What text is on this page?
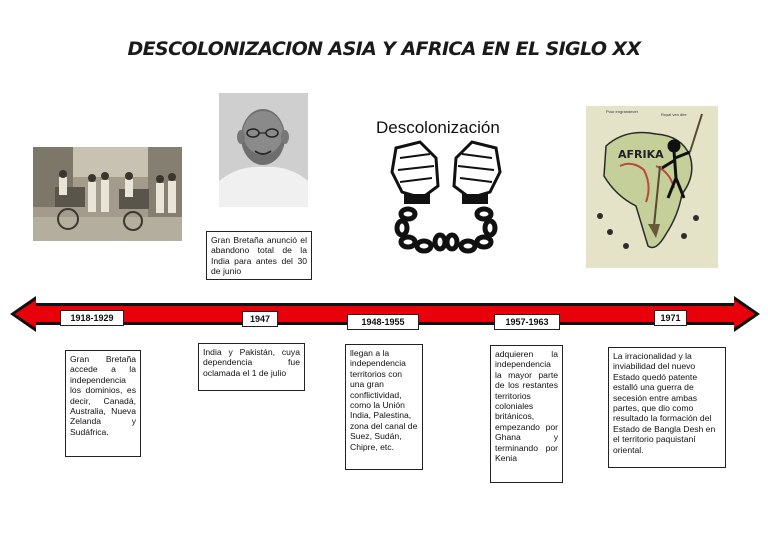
DESCOLONIZACION ASIA Y AFRICA EN EL SIGLO XX
Descolonización
Pour engrandecer
Royal ven dire
AFRIKA
1918-1929	1947	1948-1955	1957-1963	1971
Gran Bretaña anunció el abandono total de la India para antes del 30 de junio
Gran Bretaña accede a la independencia los dominios, es decir, Canadá, Australia, Nueva Zelanda y Sudáfrica.
India y Pakistán, cuya dependencia fue oclamada el 1 de julio
llegan a la independencia territorios con una gran conflictividad, como la Unión India, Palestina, zona del canal de Suez, Sudán, Chipre, etc.
adquieren la independencia la mayor parte de los restantes territorios coloniales británicos, empezando por Ghana y terminando por Kenia
La irracionalidad y la inviabilidad del nuevo Estado quedó patente estalló una guerra de secesión entre ambas partes, que dio como resultado la formación del Estado de Bangla Desh en el territorio paquistaní oriental.
